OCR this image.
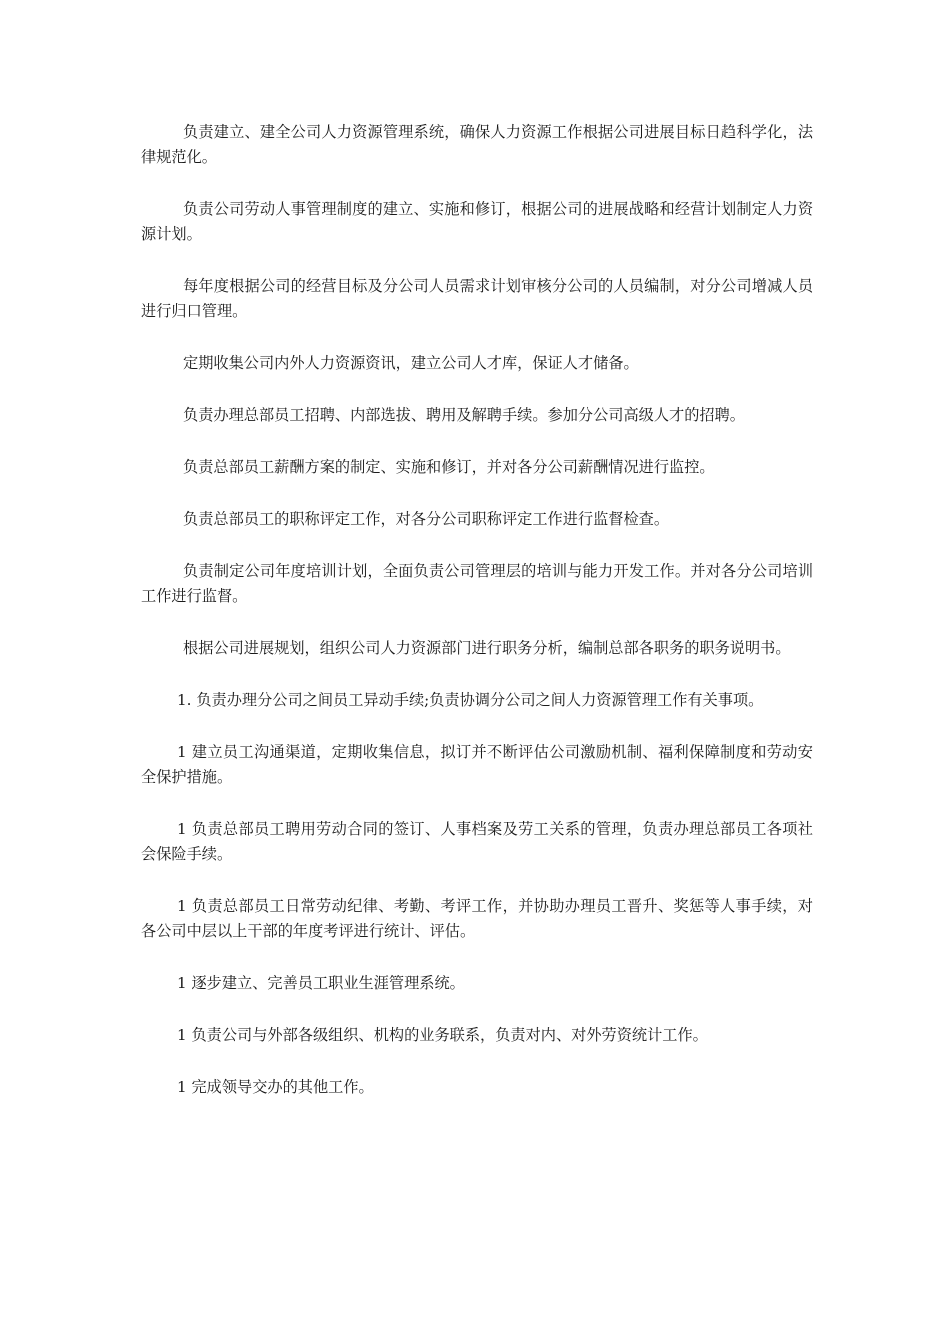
负责建立、建全公司人力资源管理系统，确保人力资源工作根据公司进展目标日趋科学化，法律规范化。

负责公司劳动人事管理制度的建立、实施和修订，根据公司的进展战略和经营计划制定人力资源计划。

每年度根据公司的经营目标及分公司人员需求计划审核分公司的人员编制，对分公司增减人员进行归口管理。

定期收集公司内外人力资源资讯，建立公司人才库，保证人才储备。

负责办理总部员工招聘、内部选拔、聘用及解聘手续。参加分公司高级人才的招聘。

负责总部员工薪酬方案的制定、实施和修订，并对各分公司薪酬情况进行监控。

负责总部员工的职称评定工作，对各分公司职称评定工作进行监督检查。

负责制定公司年度培训计划，全面负责公司管理层的培训与能力开发工作。并对各分公司培训工作进行监督。

根据公司进展规划，组织公司人力资源部门进行职务分析，编制总部各职务的职务说明书。

1. 负责办理分公司之间员工异动手续;负责协调分公司之间人力资源管理工作有关事项。

1 建立员工沟通渠道，定期收集信息，拟订并不断评估公司激励机制、福利保障制度和劳动安全保护措施。

1 负责总部员工聘用劳动合同的签订、人事档案及劳工关系的管理，负责办理总部员工各项社会保险手续。

1 负责总部员工日常劳动纪律、考勤、考评工作，并协助办理员工晋升、奖惩等人事手续，对各公司中层以上干部的年度考评进行统计、评估。

1 逐步建立、完善员工职业生涯管理系统。

1 负责公司与外部各级组织、机构的业务联系，负责对内、对外劳资统计工作。

1 完成领导交办的其他工作。
